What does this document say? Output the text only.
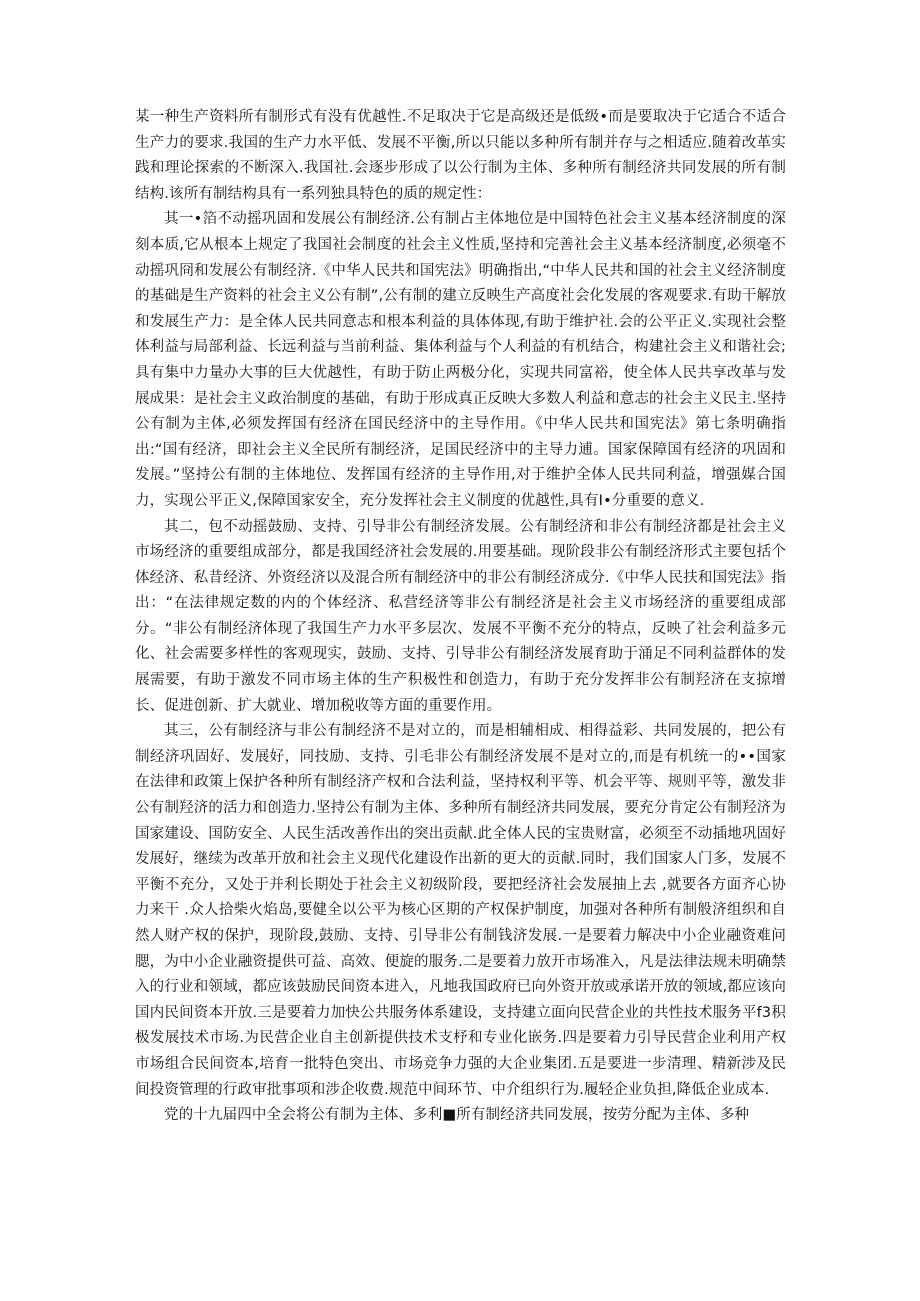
某一种生产资料所有制形式有没有优越性.不足取决于它是高级还是低级•而是要取决于它适合不适合生产力的要求.我国的生产力水平低、发展不平衡,所以只能以多种所有制并存与之相适应.随着改革实践和理论探索的不断深入.我国社.会逐步形成了以公行制为主体、多种所有制经济共同发展的所有制结构.该所有制结构具有一系列独具特色的质的规定性：

其一•箔不动摇巩固和发展公有制经济.公有制占主体地位是中国特色社会主义基本经济制度的深刻本质,它从根本上规定了我国社会制度的社会主义性质,坚持和完善社会主义基本经济制度,必须毫不动摇巩冏和发展公有制经济.《中华人民共和国宪法》明确指出,“中华人民共和国的社会主义经济制度的基础是生产资料的社会主义公有制”,公有制的建立反映生产高度社会化发展的客观要求.有助干解放和发展生产力：是全体人民共同意志和根本利益的具体体现,有助于维护社.会的公平正义.实现社会整体利益与局部利益、长远利益与当前利益、集体利益与个人利益的有机结合，构建社会主义和谐社会;具有集中力量办大事的巨大优越性，有助于防止两极分化，实现共同富裕，使全体人民共享改革与发展成果：是社会主义政治制度的基础，有助于形成真正反映大多数人利益和意志的社会主义民主.坚持公有制为主体,必须发挥国有经济在国民经济中的主导作用。《中华人民共和国宪法》第七条明确指出:“国有经济，即社会主义全民所有制经济，足国民经济中的主导力逋。国家保障国有经济的巩固和发展。”坚持公有制的主体地位、发挥国有经济的主导作用,对于维护全体人民共同利益，增强媒合国力，实现公平正义,保障国家安全，充分发挥社会主义制度的优越性,具有I•分重要的意义.

其二，包不动摇鼓励、支持、引导非公有制经济发展。公有制经济和非公有制经济都是社会主义市场经济的重要组成部分，都是我国经济社会发展的.用要基础。现阶段非公有制经济形式主要包括个体经济、私昔经济、外资经济以及混合所有制经济中的非公有制经济成分.《中华人民扶和国宪法》指出：“在法律规定数的内的个体经济、私营经济等非公有制经济是社会主义市场经济的重要组成部分。“非公有制经济体现了我国生产力水平多层次、发展不平衡不充分的特点，反映了社会利益多元化、社会需要多样性的客观现实，鼓励、支持、引导非公有制经济发展育助于涌足不同利益群体的发展需要，有助于激发不同市场主体的生产积极性和创造力，有助于充分发挥非公有制羟济在支掠增长、促进创新、扩大就业、增加税收等方面的重要作用。

其三，公有制经济与非公有制经济不是对立的，而是相辅相成、相得益彩、共同发展的，把公有制经济巩固好、发展好，同技励、支持、引毛非公有制经济发展不是对立的,而是有机统一的••国家在法律和政策上保护各种所有制经济产权和合法利益，坚持权利平等、机会平等、规则平等，激发非公有制羟济的活力和创造力.坚持公有制为主体、多种所有制经济共同发展，要充分肯定公有制羟济为国家建设、国防安全、人民生活改善作出的突出贡献.此全体人民的宝贵财富，必须至不动插地巩固好发展好，继续为改革开放和社会主义现代化建设作出新的更大的贡献.同时，我们国家人门多，发展不平衡不充分，又处于并利长期处于社会主义初级阶段，要把经济社会发展抽上去 ,就要各方面齐心协力来干 .众人拾柴火焰岛,要健全以公平为核心区期的产权保护制度，加强对各种所有制般济组织和自然人财产权的保护，现阶段,鼓励、支持、引导非公有制钱济发展.一是要着力解决中小企业融资难问腮，为中小企业融资提供可益、高效、便旋的服务.二是要着力放开市场准入，凡是法律法规未明确禁入的行业和领域，都应该鼓励民间资本进入，凡地我国政府已向外资开放或承诺开放的领域,都应该向国内民间资本开放.三是要着力加快公共服务体系建设，支持建立面向民营企业的共性技术服务平f3积极发展技术市场.为民营企业自主创新提供技术支杼和专业化嵌务.四是要着力引导民营企业利用产权市场组合民间资本,培育一批特色突出、市场竞争力强的大企业集团.五是要进一步清理、精新涉及民间投资管理的行政审批事项和涉企收费.规范中间环节、中介组织行为.履轻企业负担,降低企业成本.

党的十九届四中全会将公有制为主体、多利■所有制经济共同发展，按劳分配为主体、多种
